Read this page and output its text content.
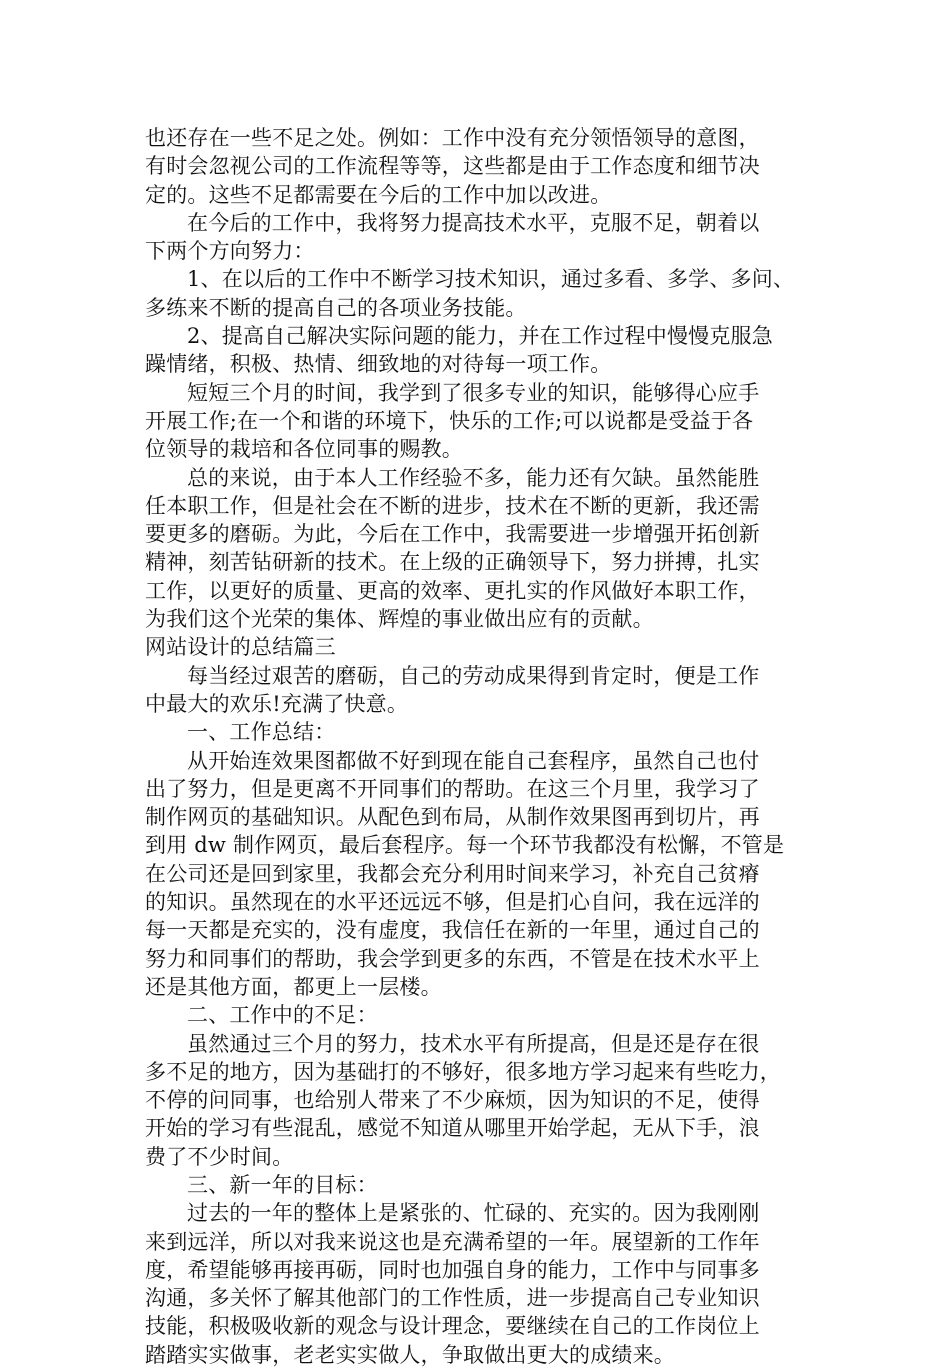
也还存在一些不足之处。例如：工作中没有充分领悟领导的意图，
有时会忽视公司的工作流程等等，这些都是由于工作态度和细节决
定的。这些不足都需要在今后的工作中加以改进。
在今后的工作中，我将努力提高技术水平，克服不足，朝着以
下两个方向努力：
1、在以后的工作中不断学习技术知识，通过多看、多学、多问、
多练来不断的提高自己的各项业务技能。
2、提高自己解决实际问题的能力，并在工作过程中慢慢克服急
躁情绪，积极、热情、细致地的对待每一项工作。
短短三个月的时间，我学到了很多专业的知识，能够得心应手
开展工作;在一个和谐的环境下，快乐的工作;可以说都是受益于各
位领导的栽培和各位同事的赐教。
总的来说，由于本人工作经验不多，能力还有欠缺。虽然能胜
任本职工作，但是社会在不断的进步，技术在不断的更新，我还需
要更多的磨砺。为此，今后在工作中，我需要进一步增强开拓创新
精神，刻苦钻研新的技术。在上级的正确领导下，努力拼搏，扎实
工作，以更好的质量、更高的效率、更扎实的作风做好本职工作，
为我们这个光荣的集体、辉煌的事业做出应有的贡献。
网站设计的总结篇三
每当经过艰苦的磨砺，自己的劳动成果得到肯定时，便是工作
中最大的欢乐!充满了快意。
一、工作总结：
从开始连效果图都做不好到现在能自己套程序，虽然自己也付
出了努力，但是更离不开同事们的帮助。在这三个月里，我学习了
制作网页的基础知识。从配色到布局，从制作效果图再到切片，再
到用 dw 制作网页，最后套程序。每一个环节我都没有松懈，不管是
在公司还是回到家里，我都会充分利用时间来学习，补充自己贫瘠
的知识。虽然现在的水平还远远不够，但是扪心自问，我在远洋的
每一天都是充实的，没有虚度，我信任在新的一年里，通过自己的
努力和同事们的帮助，我会学到更多的东西，不管是在技术水平上
还是其他方面，都更上一层楼。
二、工作中的不足：
虽然通过三个月的努力，技术水平有所提高，但是还是存在很
多不足的地方，因为基础打的不够好，很多地方学习起来有些吃力，
不停的问同事，也给别人带来了不少麻烦，因为知识的不足，使得
开始的学习有些混乱，感觉不知道从哪里开始学起，无从下手，浪
费了不少时间。
三、新一年的目标：
过去的一年的整体上是紧张的、忙碌的、充实的。因为我刚刚
来到远洋，所以对我来说这也是充满希望的一年。展望新的工作年
度，希望能够再接再砺，同时也加强自身的能力，工作中与同事多
沟通，多关怀了解其他部门的工作性质，进一步提高自己专业知识
技能，积极吸收新的观念与设计理念，要继续在自己的工作岗位上
踏踏实实做事，老老实实做人，争取做出更大的成绩来。
